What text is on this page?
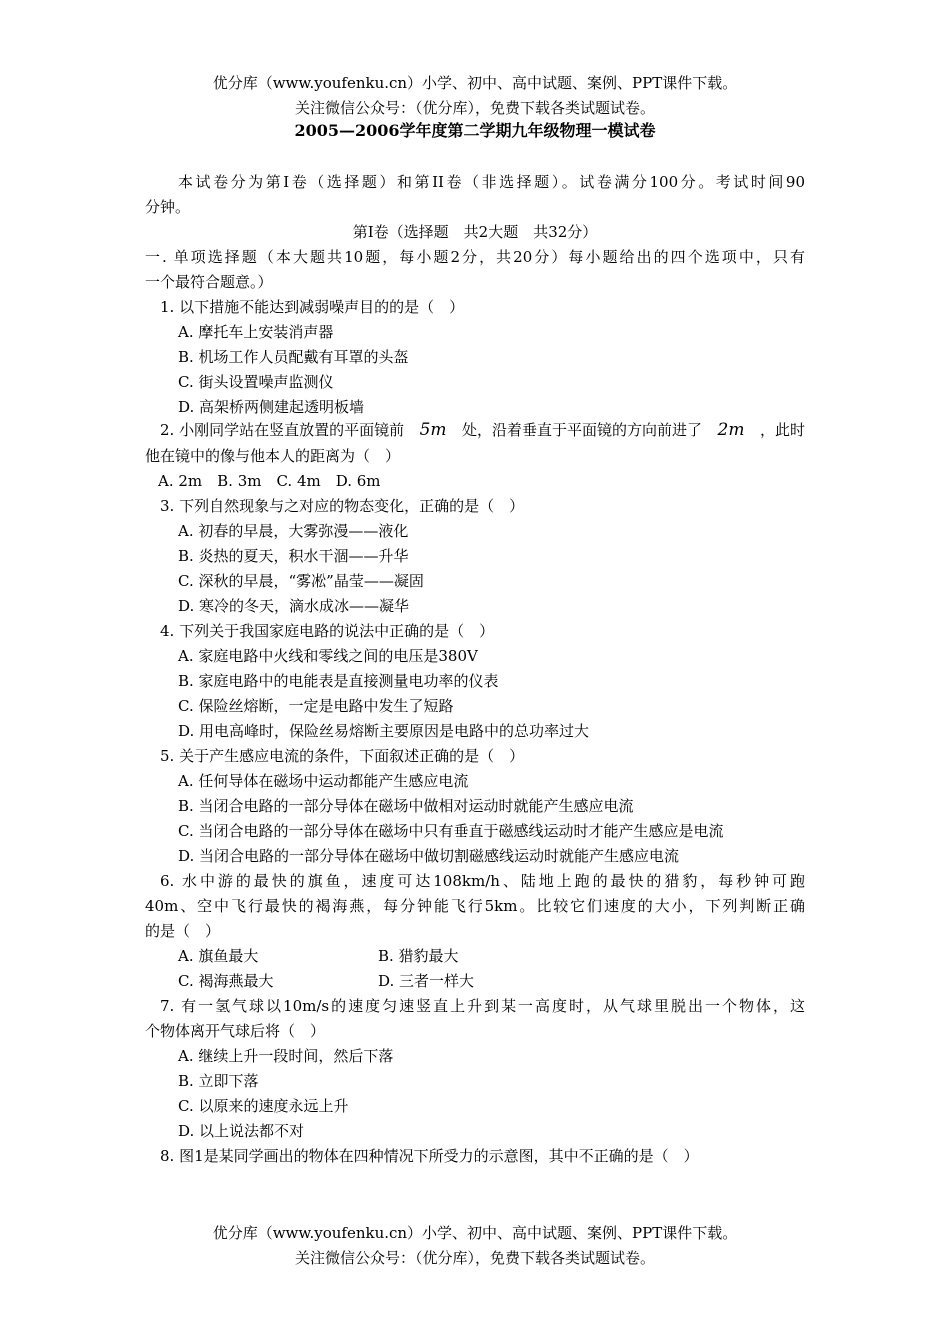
优分库（www.youfenku.cn）小学、初中、高中试题、案例、PPT课件下载。
关注微信公众号：（优分库），免费下载各类试题试卷。
2005—2006学年度第二学期九年级物理一模试卷
本试卷分为第I卷（选择题）和第II卷（非选择题）。试卷满分100分。考试时间90
分钟。
第I卷（选择题　共2大题　共32分）
一. 单项选择题（本大题共10题，每小题2分，共20分）每小题给出的四个选项中，只有
一个最符合题意。）
1. 以下措施不能达到减弱噪声目的的是（　）
A. 摩托车上安装消声器
B. 机场工作人员配戴有耳罩的头盔
C. 街头设置噪声监测仪
D. 高架桥两侧建起透明板墙
2. 小刚同学站在竖直放置的平面镜前 5m 处，沿着垂直于平面镜的方向前进了 2m ，此时
他在镜中的像与他本人的距离为（　）
A. 2m　B. 3m　C. 4m　D. 6m
3. 下列自然现象与之对应的物态变化，正确的是（　）
A. 初春的早晨，大雾弥漫——液化
B. 炎热的夏天，积水干涸——升华
C. 深秋的早晨，“雾凇”晶莹——凝固
D. 寒冷的冬天，滴水成冰——凝华
4. 下列关于我国家庭电路的说法中正确的是（　）
A. 家庭电路中火线和零线之间的电压是380V
B. 家庭电路中的电能表是直接测量电功率的仪表
C. 保险丝熔断，一定是电路中发生了短路
D. 用电高峰时，保险丝易熔断主要原因是电路中的总功率过大
5. 关于产生感应电流的条件，下面叙述正确的是（　）
A. 任何导体在磁场中运动都能产生感应电流
B. 当闭合电路的一部分导体在磁场中做相对运动时就能产生感应电流
C. 当闭合电路的一部分导体在磁场中只有垂直于磁感线运动时才能产生感应是电流
D. 当闭合电路的一部分导体在磁场中做切割磁感线运动时就能产生感应电流
6. 水中游的最快的旗鱼，速度可达108km/h、陆地上跑的最快的猎豹，每秒钟可跑
40m、空中飞行最快的褐海燕，每分钟能飞行5km。比较它们速度的大小，下列判断正确
的是（　）
A. 旗鱼最大	B. 猎豹最大
C. 褐海燕最大	D. 三者一样大
7. 有一氢气球以10m/s的速度匀速竖直上升到某一高度时，从气球里脱出一个物体，这
个物体离开气球后将（　）
A. 继续上升一段时间，然后下落
B. 立即下落
C. 以原来的速度永远上升
D. 以上说法都不对
8. 图1是某同学画出的物体在四种情况下所受力的示意图，其中不正确的是（　）
优分库（www.youfenku.cn）小学、初中、高中试题、案例、PPT课件下载。
关注微信公众号：（优分库），免费下载各类试题试卷。
